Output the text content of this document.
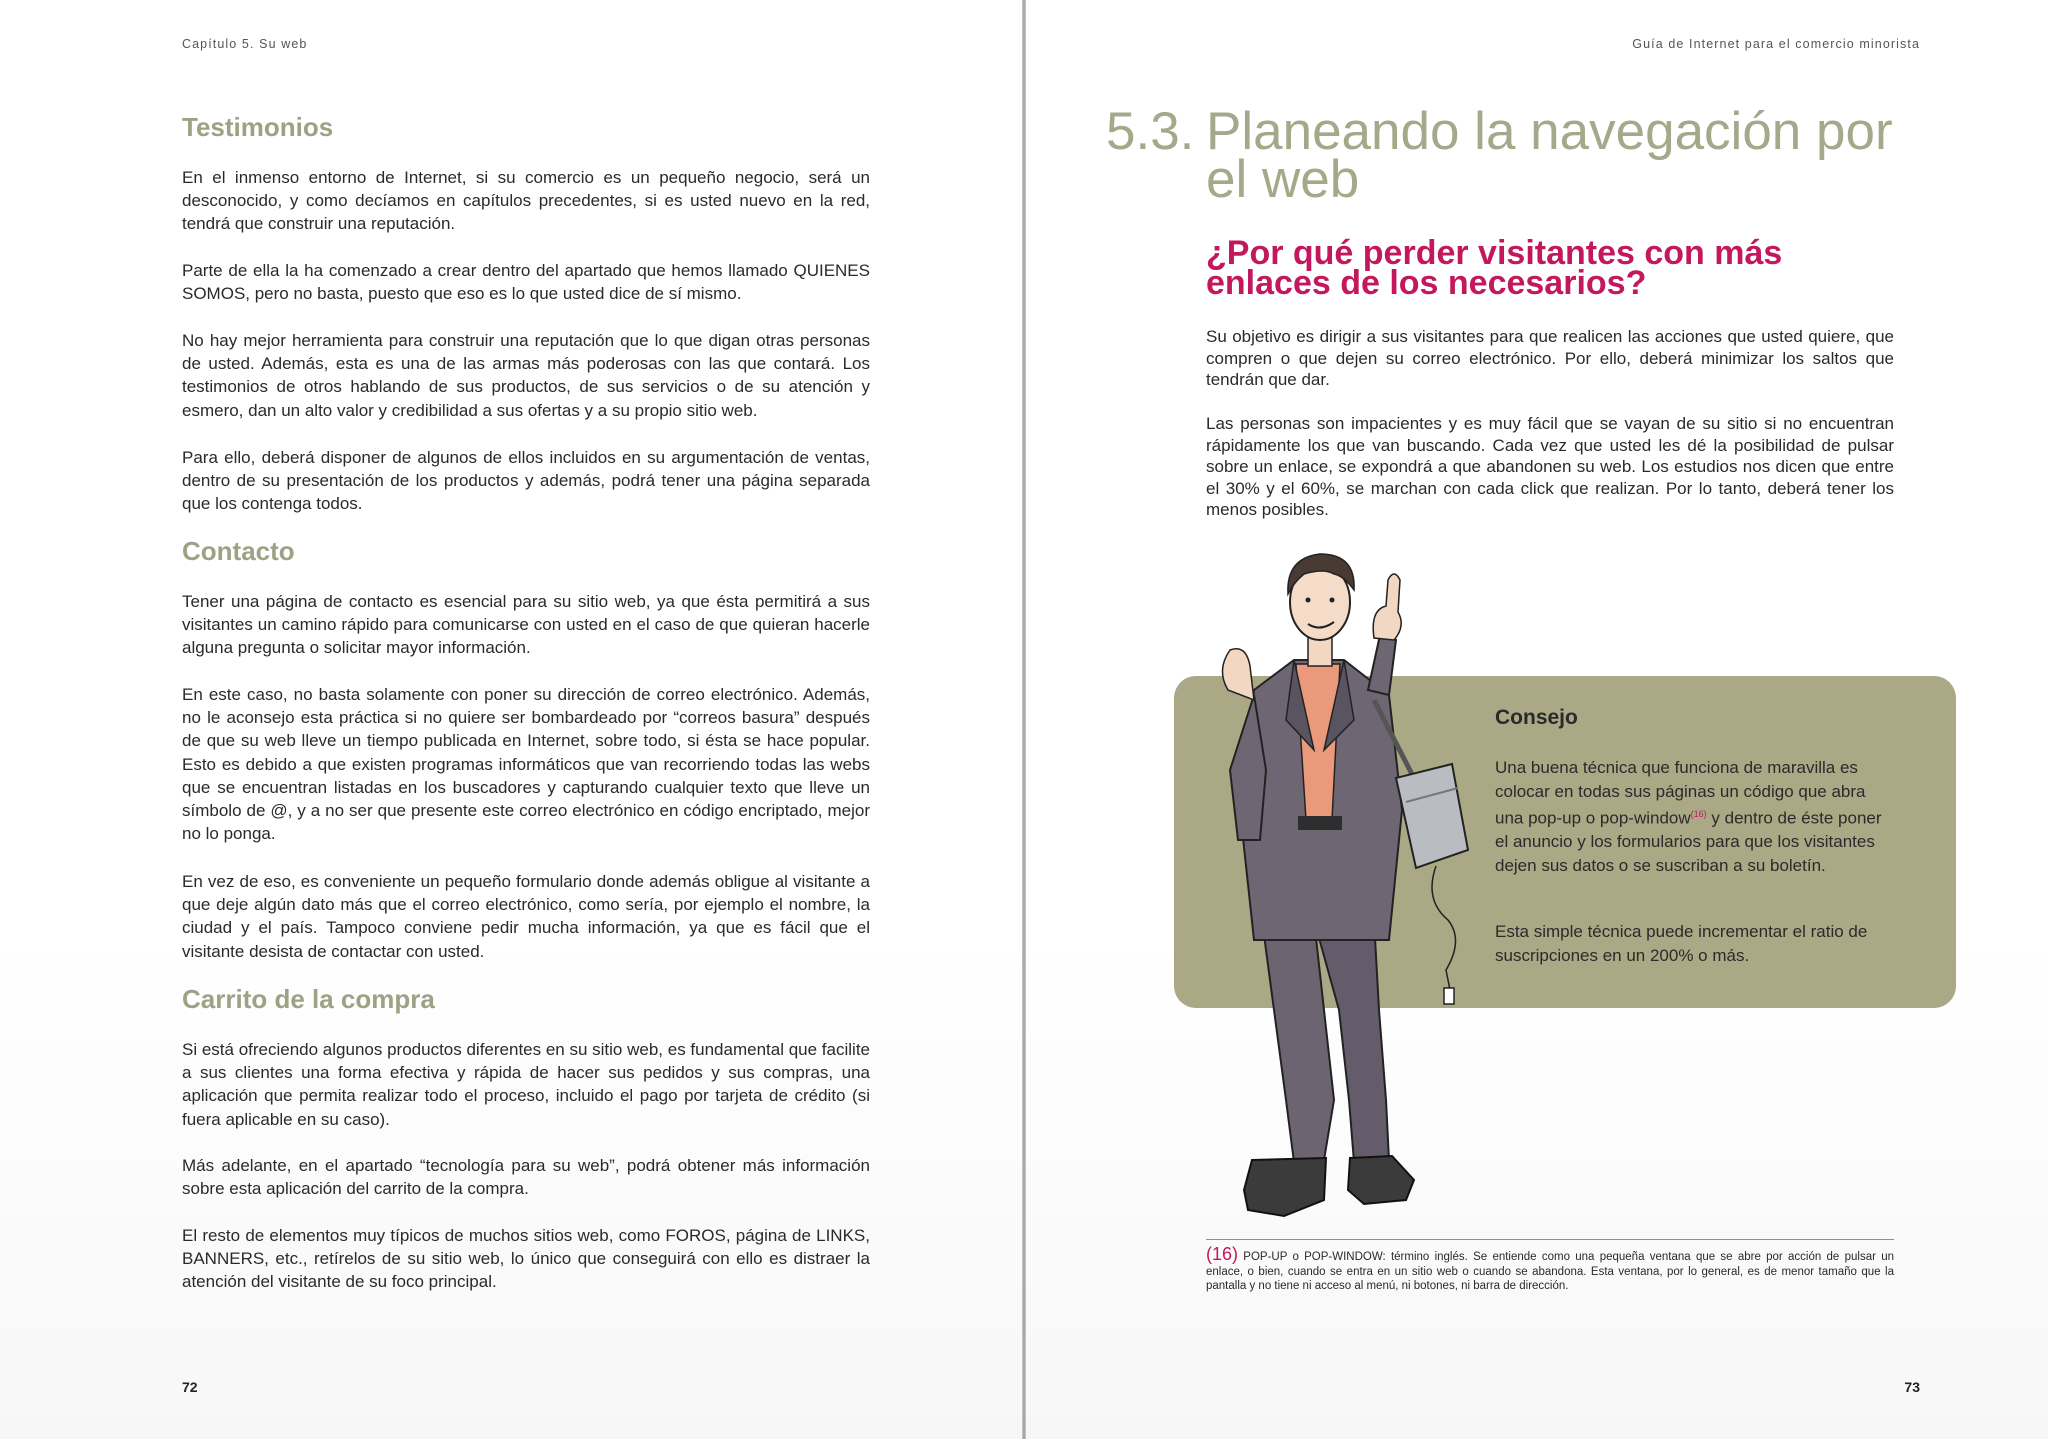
Capítulo 5. Su web
Testimonios

En el inmenso entorno de Internet, si su comercio es un pequeño negocio, será un desconocido, y como decíamos en capítulos precedentes, si es usted nuevo en la red, tendrá que construir una reputación.

Parte de ella la ha comenzado a crear dentro del apartado que hemos llamado QUIENES SOMOS, pero no basta, puesto que eso es lo que usted dice de sí mismo.

No hay mejor herramienta para construir una reputación que lo que digan otras personas de usted. Además, esta es una de las armas más poderosas con las que contará. Los testimonios de otros hablando de sus productos, de sus servicios o de su atención y esmero, dan un alto valor y credibilidad a sus ofertas y a su propio sitio web.

Para ello, deberá disponer de algunos de ellos incluidos en su argumentación de ventas, dentro de su presentación de los productos y además, podrá tener una página separada que los contenga todos.

Contacto

Tener una página de contacto es esencial para su sitio web, ya que ésta permitirá a sus visitantes un camino rápido para comunicarse con usted en el caso de que quieran hacerle alguna pregunta o solicitar mayor información.

En este caso, no basta solamente con poner su dirección de correo electrónico. Además, no le aconsejo esta práctica si no quiere ser bombardeado por “correos basura” después de que su web lleve un tiempo publicada en Internet, sobre todo, si ésta se hace popular. Esto es debido a que existen programas informáticos que van recorriendo todas las webs que se encuentran listadas en los buscadores y capturando cualquier texto que lleve un símbolo de @, y a no ser que presente este correo electrónico en código encriptado, mejor no lo ponga.

En vez de eso, es conveniente un pequeño formulario donde además obligue al visitante a que deje algún dato más que el correo electrónico, como sería, por ejemplo el nombre, la ciudad y el país. Tampoco conviene pedir mucha información, ya que es fácil que el visitante desista de contactar con usted.

Carrito de la compra

Si está ofreciendo algunos productos diferentes en su sitio web, es fundamental que facilite a sus clientes una forma efectiva y rápida de hacer sus pedidos y sus compras, una aplicación que permita realizar todo el proceso, incluido el pago por tarjeta de crédito (si fuera aplicable en su caso).

Más adelante, en el apartado “tecnología para su web”, podrá obtener más información sobre esta aplicación del carrito de la compra.

El resto de elementos muy típicos de muchos sitios web, como FOROS, página de LINKS, BANNERS, etc., retírelos de su sitio web, lo único que conseguirá con ello es distraer la atención del visitante de su foco principal.

72
Guía de Internet para el comercio minorista
5.3. Planeando la navegación por el web
¿Por qué perder visitantes con más enlaces de los necesarios?

Su objetivo es dirigir a sus visitantes para que realicen las acciones que usted quiere, que compren o que dejen su correo electrónico. Por ello, deberá minimizar los saltos que tendrán que dar.

Las personas son impacientes y es muy fácil que se vayan de su sitio si no encuentran rápidamente los que van buscando. Cada vez que usted les dé la posibilidad de pulsar sobre un enlace, se expondrá a que abandonen su web. Los estudios nos dicen que entre el 30% y el 60%, se marchan con cada click que realizan. Por lo tanto, deberá tener los menos posibles.

Consejo

Una buena técnica que funciona de maravilla es colocar en todas sus páginas un código que abra una pop-up o pop-window$^{(16)}$ y dentro de éste poner el anuncio y los formularios para que los visitantes dejen sus datos o se suscriban a su boletín.

Esta simple técnica puede incrementar el ratio de suscripciones en un 200% o más.

(16) POP-UP o POP-WINDOW: término inglés. Se entiende como una pequeña ventana que se abre por acción de pulsar un enlace, o bien, cuando se entra en un sitio web o cuando se abandona. Esta ventana, por lo general, es de menor tamaño que la pantalla y no tiene ni acceso al menú, ni botones, ni barra de dirección.

73
